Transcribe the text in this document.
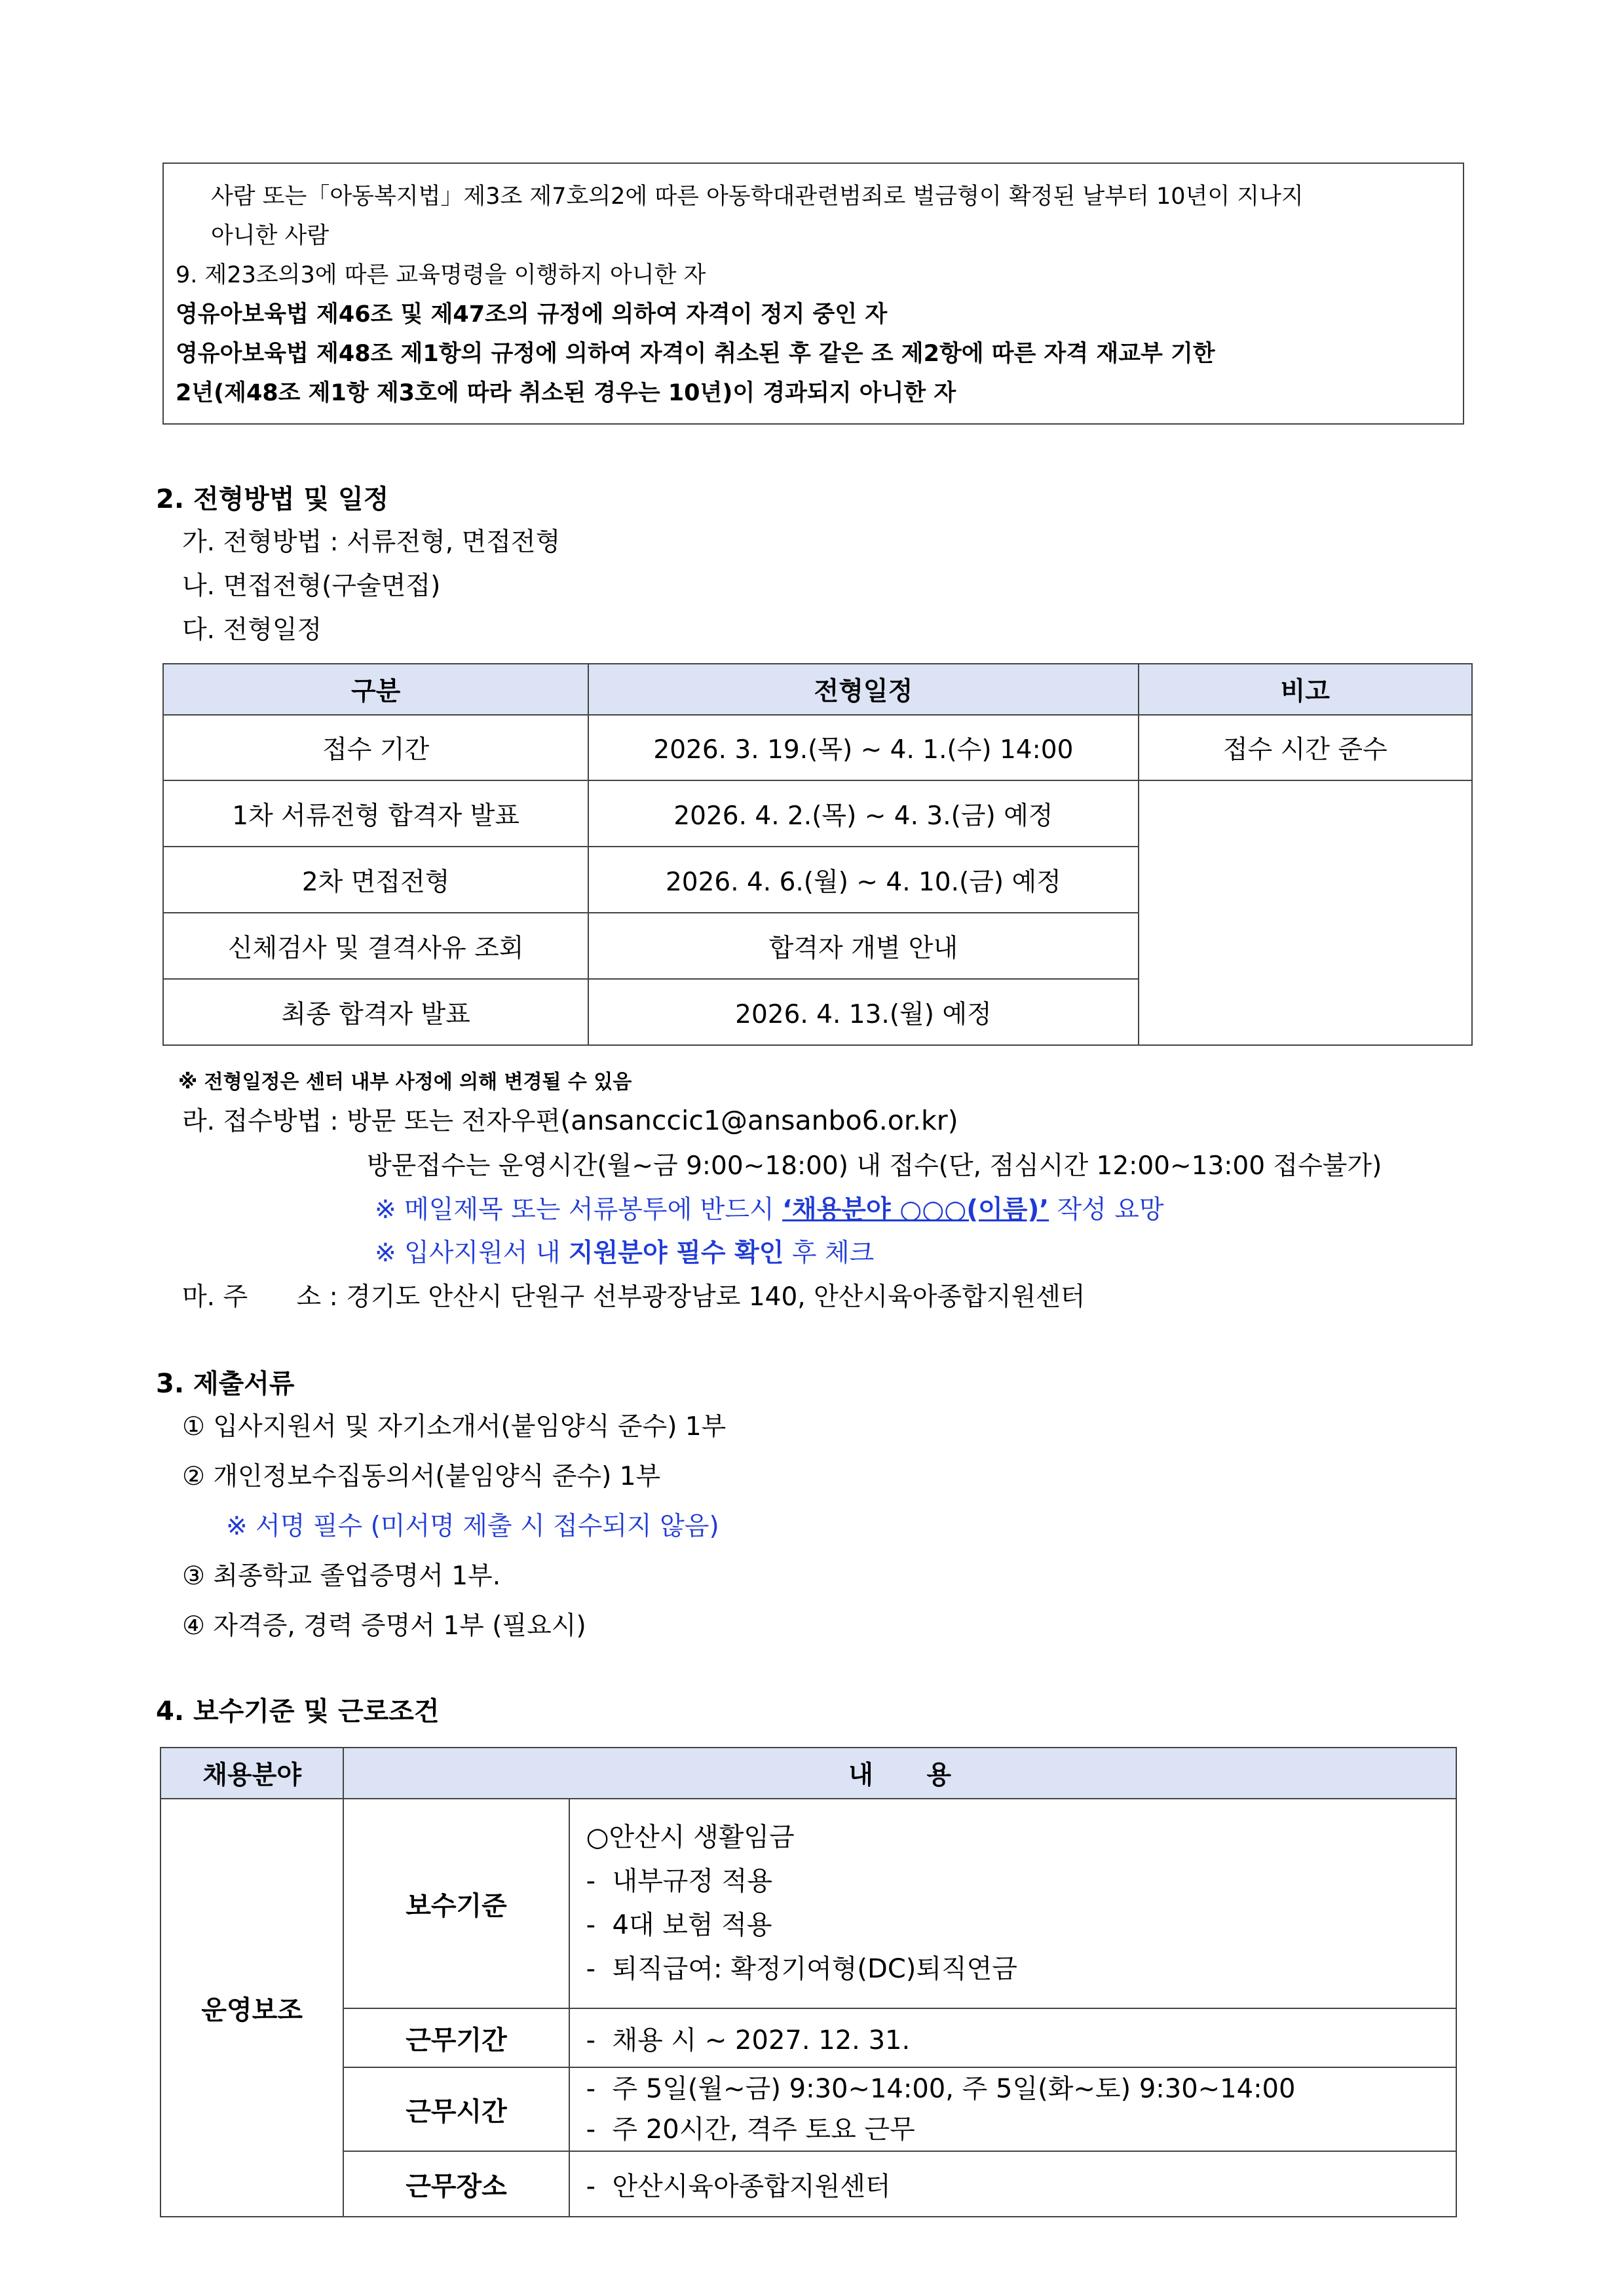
사람 또는「아동복지법」제3조 제7호의2에 따른 아동학대관련범죄로 벌금형이 확정된 날부터 10년이 지나지
아니한 사람
9. 제23조의3에 따른 교육명령을 이행하지 아니한 자
영유아보육법 제46조 및 제47조의 규정에 의하여 자격이 정지 중인 자
영유아보육법 제48조 제1항의 규정에 의하여 자격이 취소된 후 같은 조 제2항에 따른 자격 재교부 기한
2년(제48조 제1항 제3호에 따라 취소된 경우는 10년)이 경과되지 아니한 자
2. 전형방법 및 일정
가. 전형방법 : 서류전형, 면접전형
나. 면접전형(구술면접)
다. 전형일정
구분	전형일정	비고
접수 기간	2026. 3. 19.(목) ~ 4. 1.(수) 14:00	접수 시간 준수
1차 서류전형 합격자 발표	2026. 4. 2.(목) ~ 4. 3.(금) 예정	
2차 면접전형	2026. 4. 6.(월) ~ 4. 10.(금) 예정	
신체검사 및 결격사유 조회	합격자 개별 안내	
최종 합격자 발표	2026. 4. 13.(월) 예정	
※ 전형일정은 센터 내부 사정에 의해 변경될 수 있음
라. 접수방법 : 방문 또는 전자우편(ansanccic1@ansanbo6.or.kr)
방문접수는 운영시간(월~금 9:00~18:00) 내 접수(단, 점심시간 12:00~13:00 접수불가)
※ 메일제목 또는 서류봉투에 반드시 ‘채용분야 ○○○(이름)’ 작성 요망
※ 입사지원서 내 지원분야 필수 확인 후 체크
마. 주      소 : 경기도 안산시 단원구 선부광장남로 140, 안산시육아종합지원센터
3. 제출서류
① 입사지원서 및 자기소개서(붙임양식 준수) 1부
② 개인정보수집동의서(붙임양식 준수) 1부
※ 서명 필수 (미서명 제출 시 접수되지 않음)
③ 최종학교 졸업증명서 1부.
④ 자격증, 경력 증명서 1부 (필요시)
4. 보수기준 및 근로조건
채용분야	내      용	
운영보조	보수기준	○안산시 생활임금
-  내부규정 적용
-  4대 보험 적용
-  퇴직급여: 확정기여형(DC)퇴직연금

	근무기간	-  채용 시 ~ 2027. 12. 31.
	근무시간	-  주 5일(월~금) 9:30~14:00, 주 5일(화~토) 9:30~14:00
-  주 20시간, 격주 토요 근무

	근무장소	-  안산시육아종합지원센터
